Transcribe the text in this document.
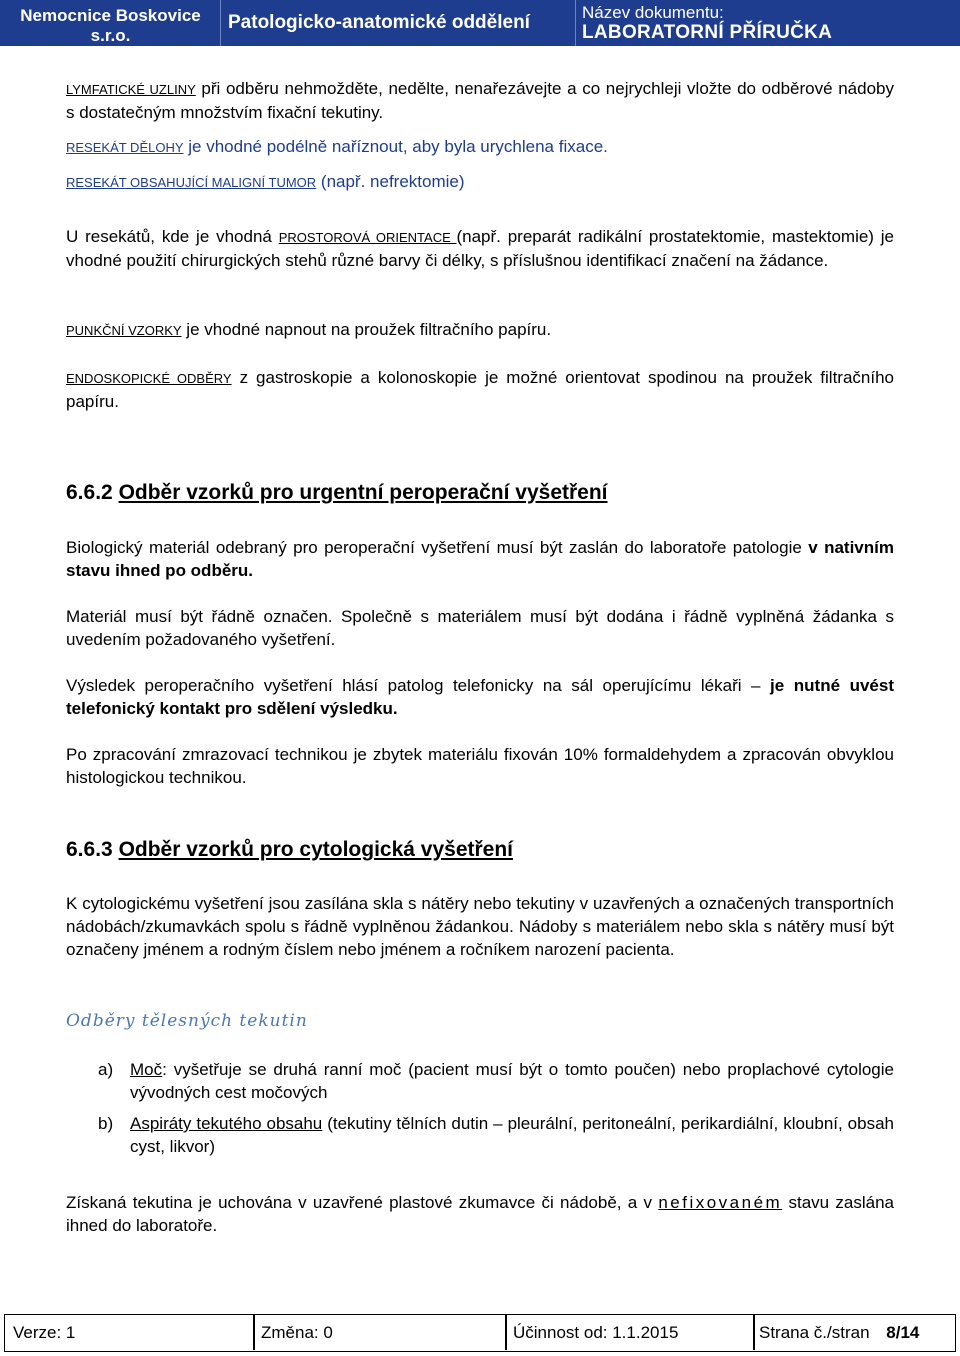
Nemocnice Boskovice
s.r.o.
Patologicko-anatomické oddělení	Název dokumentu:
LABORATORNÍ PŘÍRUČKA

LYMFATICKÉ UZLINY při odběru nehmožděte, nedělte, nenařezávejte a co nejrychleji vložte do odběrové nádoby s dostatečným množstvím fixační tekutiny.

RESEKÁT DĚLOHY je vhodné podélně naříznout, aby byla urychlena fixace.

RESEKÁT OBSAHUJÍCÍ MALIGNÍ TUMOR (např. nefrektomie)

U resekátů, kde je vhodná PROSTOROVÁ ORIENTACE (např. preparát radikální prostatektomie, mastektomie) je vhodné použití chirurgických stehů různé barvy či délky, s příslušnou identifikací značení na žádance.

PUNKČNÍ VZORKY je vhodné napnout na proužek filtračního papíru.

ENDOSKOPICKÉ ODBĚRY z gastroskopie a kolonoskopie je možné orientovat spodinou na proužek filtračního papíru.

6.6.2 Odběr vzorků pro urgentní peroperační vyšetření

Biologický materiál odebraný pro peroperační vyšetření musí být zaslán do laboratoře patologie v nativním stavu ihned po odběru.

Materiál musí být řádně označen. Společně s materiálem musí být dodána i řádně vyplněná žádanka s uvedením požadovaného vyšetření.

Výsledek peroperačního vyšetření hlásí patolog telefonicky na sál operujícímu lékaři – je nutné uvést telefonický kontakt pro sdělení výsledku.

Po zpracování zmrazovací technikou je zbytek materiálu fixován 10% formaldehydem a zpracován obvyklou histologickou technikou.

6.6.3 Odběr vzorků pro cytologická vyšetření

K cytologickému vyšetření jsou zasílána skla s nátěry nebo tekutiny v uzavřených a označených transportních nádobách/zkumavkách spolu s řádně vyplněnou žádankou. Nádoby s materiálem nebo skla s nátěry musí být označeny jménem a rodným číslem nebo jménem a ročníkem narození pacienta.

Odběry tělesných tekutin

a) Moč: vyšetřuje se druhá ranní moč (pacient musí být o tomto poučen) nebo proplachové cytologie vývodných cest močových

b) Aspiráty tekutého obsahu (tekutiny tělních dutin – pleurální, peritoneální, perikardiální, kloubní, obsah cyst, likvor)

Získaná tekutina je uchována v uzavřené plastové zkumavce či nádobě, a v nefixovaném stavu zaslána ihned do laboratoře.

Verze: 1	Změna: 0	Účinnost od: 1.1.2015	Strana č./stran 8/14
